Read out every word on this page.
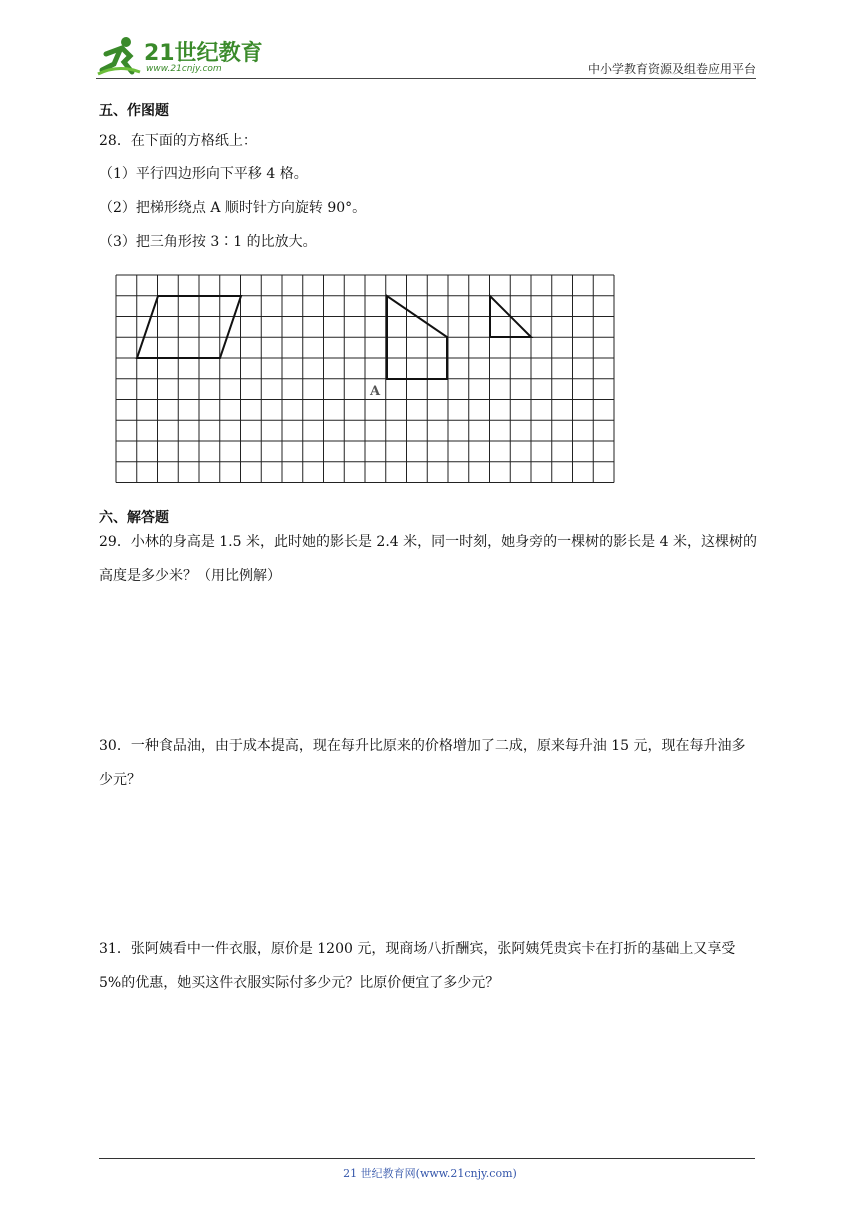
21世纪教育
www.21cnjy.com	中小学教育资源及组卷应用平台
五、作图题
28．在下面的方格纸上：
（1）平行四边形向下平移 4 格。
（2）把梯形绕点 A 顺时针方向旋转 90°。
（3）把三角形按 3∶1 的比放大。
A
六、解答题
29．小林的身高是 1.5 米，此时她的影长是 2.4 米，同一时刻，她身旁的一棵树的影长是 4 米，这棵树的高度是多少米？（用比例解）
30．一种食品油，由于成本提高，现在每升比原来的价格增加了二成，原来每升油 15 元，现在每升油多少元？
31．张阿姨看中一件衣服，原价是 1200 元，现商场八折酬宾，张阿姨凭贵宾卡在打折的基础上又享受 5%的优惠，她买这件衣服实际付多少元？比原价便宜了多少元？
21 世纪教育网(www.21cnjy.com)
